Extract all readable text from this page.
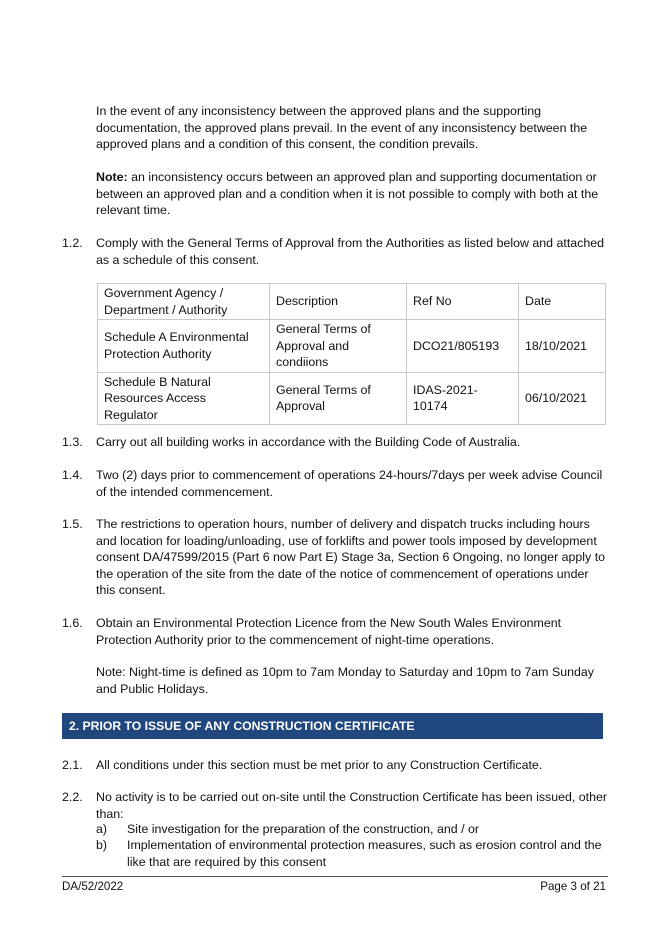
In the event of any inconsistency between the approved plans and the supporting documentation, the approved plans prevail. In the event of any inconsistency between the approved plans and a condition of this consent, the condition prevails.

Note: an inconsistency occurs between an approved plan and supporting documentation or between an approved plan and a condition when it is not possible to comply with both at the relevant time.

1.2.	Comply with the General Terms of Approval from the Authorities as listed below and attached as a schedule of this consent.
Government Agency / Department / Authority	Description	Ref No	Date
Schedule A Environmental Protection Authority	General Terms of Approval and condiions	DCO21/805193	18/10/2021
Schedule B Natural Resources Access Regulator	General Terms of Approval	IDAS-2021-10174	06/10/2021
1.3.	Carry out all building works in accordance with the Building Code of Australia.
1.4.	Two (2) days prior to commencement of operations 24-hours/7days per week advise Council of the intended commencement.
1.5.	The restrictions to operation hours, number of delivery and dispatch trucks including hours and location for loading/unloading, use of forklifts and power tools imposed by development consent DA/47599/2015 (Part 6 now Part E) Stage 3a, Section 6 Ongoing, no longer apply to the operation of the site from the date of the notice of commencement of operations under this consent.
1.6.	Obtain an Environmental Protection Licence from the New South Wales Environment Protection Authority prior to the commencement of night-time operations.

Note: Night-time is defined as 10pm to 7am Monday to Saturday and 10pm to 7am Sunday and Public Holidays.

2. PRIOR TO ISSUE OF ANY CONSTRUCTION CERTIFICATE
2.1.	All conditions under this section must be met prior to any Construction Certificate.
2.2.	No activity is to be carried out on-site until the Construction Certificate has been issued, other than:
a)	Site investigation for the preparation of the construction, and / or
b)	Implementation of environmental protection measures, such as erosion control and the like that are required by this consent
DA/52/2022	Page 3 of 21
